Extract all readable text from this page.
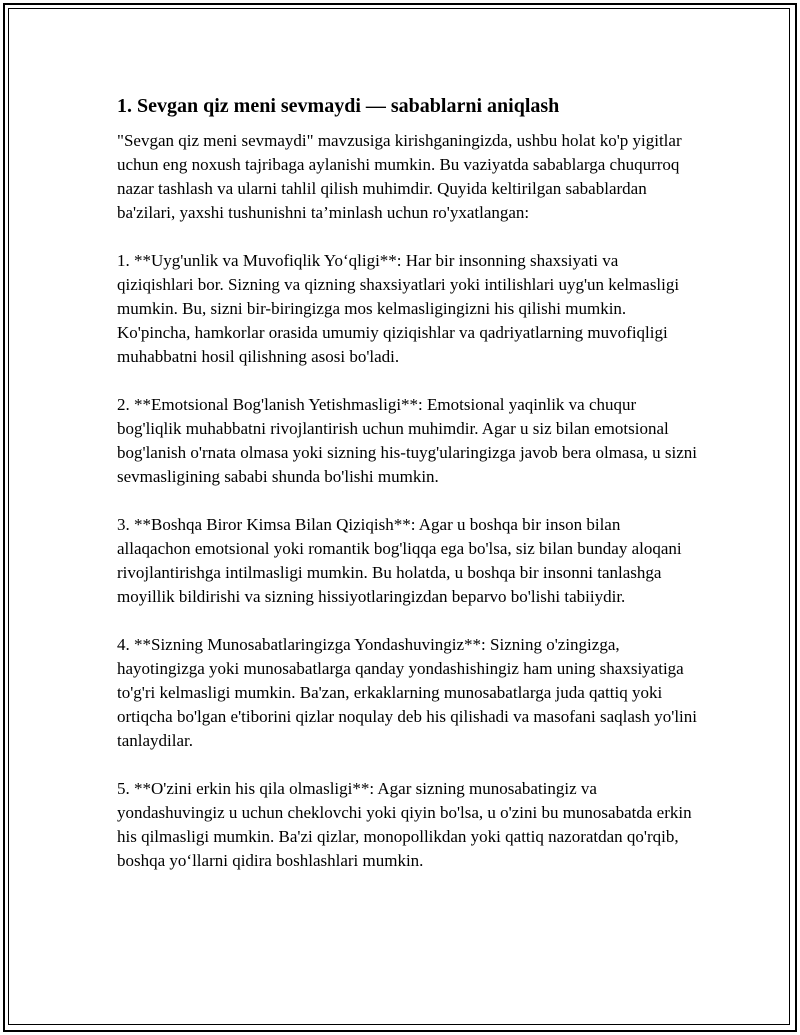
1. Sevgan qiz meni sevmaydi — sabablarni aniqlash

"Sevgan qiz meni sevmaydi" mavzusiga kirishganingizda, ushbu holat ko'p yigitlar uchun eng noxush tajribaga aylanishi mumkin. Bu vaziyatda sabablarga chuqurroq nazar tashlash va ularni tahlil qilish muhimdir. Quyida keltirilgan sabablardan ba'zilari, yaxshi tushunishni ta’minlash uchun ro'yxatlangan:

1. **Uyg'unlik va Muvofiqlik Yo‘qligi**: Har bir insonning shaxsiyati va qiziqishlari bor. Sizning va qizning shaxsiyatlari yoki intilishlari uyg'un kelmasligi mumkin. Bu, sizni bir-biringizga mos kelmasligingizni his qilishi mumkin. Ko'pincha, hamkorlar orasida umumiy qiziqishlar va qadriyatlarning muvofiqligi muhabbatni hosil qilishning asosi bo'ladi.

2. **Emotsional Bog'lanish Yetishmasligi**: Emotsional yaqinlik va chuqur bog'liqlik muhabbatni rivojlantirish uchun muhimdir. Agar u siz bilan emotsional bog'lanish o'rnata olmasa yoki sizning his-tuyg'ularingizga javob bera olmasa, u sizni sevmasligining sababi shunda bo'lishi mumkin.

3. **Boshqa Biror Kimsa Bilan Qiziqish**: Agar u boshqa bir inson bilan allaqachon emotsional yoki romantik bog'liqqa ega bo'lsa, siz bilan bunday aloqani rivojlantirishga intilmasligi mumkin. Bu holatda, u boshqa bir insonni tanlashga moyillik bildirishi va sizning hissiyotlaringizdan beparvo bo'lishi tabiiydir.

4. **Sizning Munosabatlaringizga Yondashuvingiz**: Sizning o'zingizga, hayotingizga yoki munosabatlarga qanday yondashishingiz ham uning shaxsiyatiga to'g'ri kelmasligi mumkin. Ba'zan, erkaklarning munosabatlarga juda qattiq yoki ortiqcha bo'lgan e'tiborini qizlar noqulay deb his qilishadi va masofani saqlash yo'lini tanlaydilar.

5. **O'zini erkin his qila olmasligi**: Agar sizning munosabatingiz va yondashuvingiz u uchun cheklovchi yoki qiyin bo'lsa, u o'zini bu munosabatda erkin his qilmasligi mumkin. Ba'zi qizlar, monopollikdan yoki qattiq nazoratdan qo'rqib, boshqa yo‘llarni qidira boshlashlari mumkin.
